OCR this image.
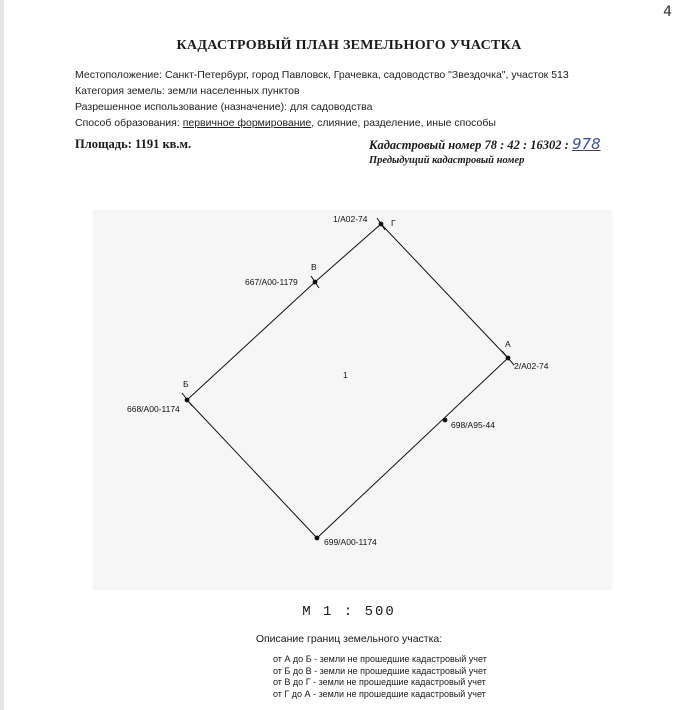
4
КАДАСТРОВЫЙ ПЛАН ЗЕМЕЛЬНОГО УЧАСТКА
Местоположение: Санкт-Петербург, город Павловск, Грачевка, садоводство "Звездочка", участок 513
Категория земель: земли населенных пунктов
Разрешенное использование (назначение): для садоводства
Способ образования: первичное формирование, слияние, разделение, иные способы
Площадь: 1191 кв.м.	Кадастровый номер 78 : 42 : 16302 : 978
Предыдущий кадастровый номер
Г
В
Б
А
1/А02-74
667/А00-1179
668/А00-1174
2/А02-74
698/А95-44
699/А00-1174
1
М 1 : 500
Описание границ земельного участка:
от А до Б - земли не прошедшие кадастровый учет
от Б до В - земли не прошедшие кадастровый учет
от В до Г - земли не прошедшие кадастровый учет
от Г до А - земли не прошедшие кадастровый учет
